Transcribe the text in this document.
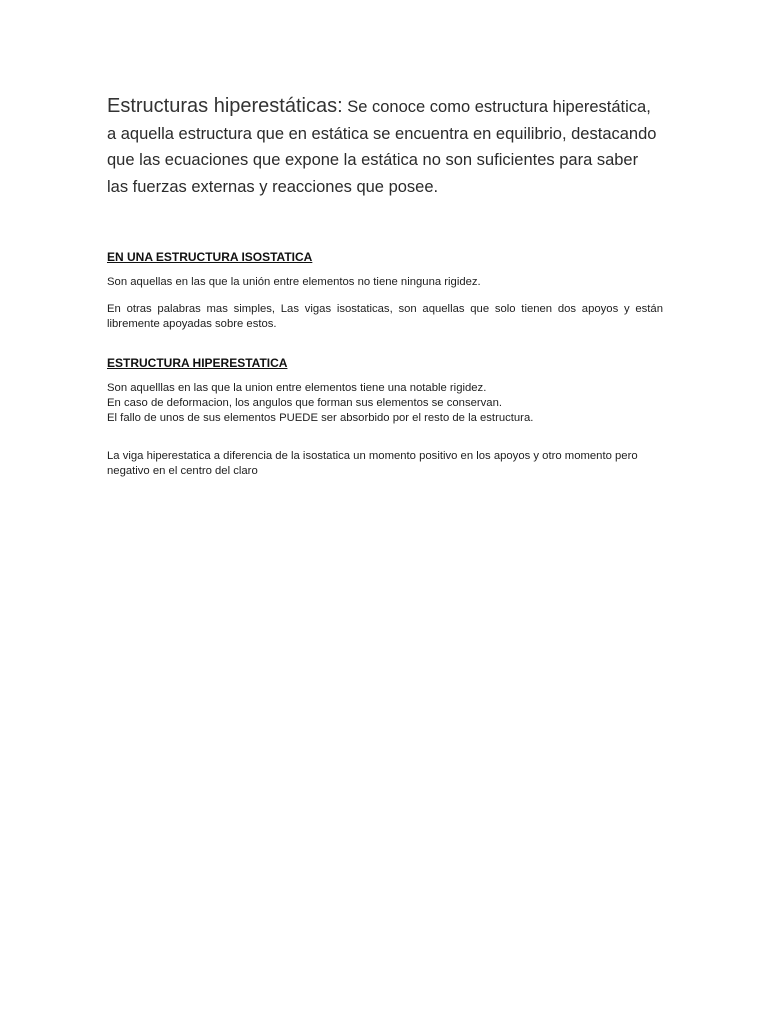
Estructuras hiperestáticas: Se conoce como estructura hiperestática, a aquella estructura que en estática se encuentra en equilibrio, destacando que las ecuaciones que expone la estática no son suficientes para saber las fuerzas externas y reacciones que posee.

EN UNA ESTRUCTURA ISOSTATICA

Son aquellas en las que la unión entre elementos no tiene ninguna rigidez.

En otras palabras mas simples, Las vigas isostaticas, son aquellas que solo tienen dos apoyos y están libremente apoyadas sobre estos.

ESTRUCTURA HIPERESTATICA

Son aquelllas en las que la union entre elementos tiene una notable rigidez.
En caso de deformacion, los angulos que forman sus elementos se conservan.
El fallo de unos de sus elementos PUEDE ser absorbido por el resto de la estructura.

La viga hiperestatica a diferencia de la isostatica un momento positivo en los apoyos y otro momento pero negativo en el centro del claro
